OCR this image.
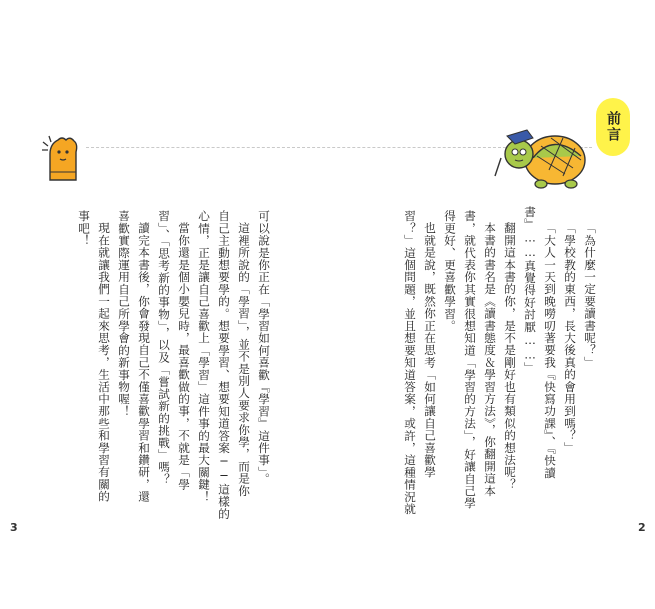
前言
「為什麼一定要讀書呢？」
「學校教的東西，長大後真的會用到嗎？」
「大人一天到晚嘮叨著要我『快寫功課』、『快讀
書』……真覺得好討厭……」
翻開這本書的你，是不是剛好也有類似的想法呢？
本書的書名是《讀書態度＆學習方法》，你翻開這本
書，就代表你其實很想知道「學習的方法」，好讓自己學
得更好、更喜歡學習。
也就是說，既然你正在思考「如何讓自己喜歡學
習？」這個問題，並且想要知道答案，或許，這種情況就
可以說是你正在「學習如何喜歡『學習』這件事」。
這裡所說的「學習」，並不是別人要求你學，而是你
自己主動想要學的。想要學習、想要知道答案──這樣的
心情，正是讓自己喜歡上「學習」這件事的最大關鍵！
當你還是個小嬰兒時，最喜歡做的事，不就是「學
習」、「思考新的事物」，以及「嘗試新的挑戰」嗎？
讀完本書後，你會發現自己不僅喜歡學習和鑽研，還
喜歡實際運用自己所學會的新事物喔！
現在就讓我們一起來思考，生活中那些和學習有關的
事吧！
3	2
